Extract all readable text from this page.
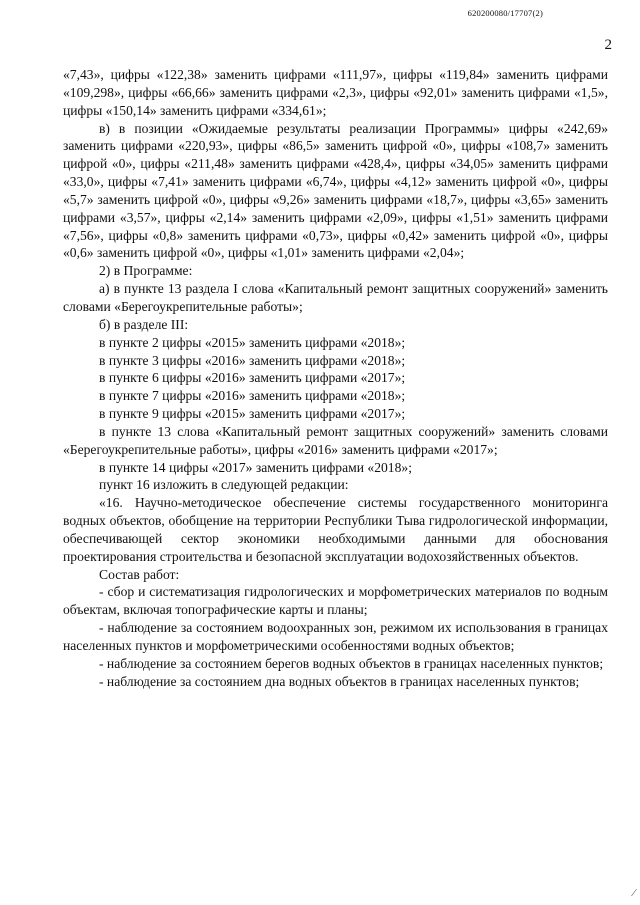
620200080/17707(2)
2

«7,43», цифры «122,38» заменить цифрами «111,97», цифры «119,84» заменить цифрами «109,298», цифры «66,66» заменить цифрами «2,3», цифры «92,01» заменить цифрами «1,5», цифры «150,14» заменить цифрами «334,61»;

в) в позиции «Ожидаемые результаты реализации Программы» цифры «242,69» заменить цифрами «220,93», цифры «86,5» заменить цифрой «0», цифры «108,7» заменить цифрой «0», цифры «211,48» заменить цифрами «428,4», цифры «34,05» заменить цифрами «33,0», цифры «7,41» заменить цифрами «6,74», цифры «4,12» заменить цифрой «0», цифры «5,7» заменить цифрой «0», цифры «9,26» заменить цифрами «18,7», цифры «3,65» заменить цифрами «3,57», цифры «2,14» заменить цифрами «2,09», цифры «1,51» заменить цифрами «7,56», цифры «0,8» заменить цифрами «0,73», цифры «0,42» заменить цифрой «0», цифры «0,6» заменить цифрой «0», цифры «1,01» заменить цифрами «2,04»;

2) в Программе:

а) в пункте 13 раздела I слова «Капитальный ремонт защитных сооружений» заменить словами «Берегоукрепительные работы»;

б) в разделе III:

в пункте 2 цифры «2015» заменить цифрами «2018»;

в пункте 3 цифры «2016» заменить цифрами «2018»;

в пункте 6 цифры «2016» заменить цифрами «2017»;

в пункте 7 цифры «2016» заменить цифрами «2018»;

в пункте 9 цифры «2015» заменить цифрами «2017»;

в пункте 13 слова «Капитальный ремонт защитных сооружений» заменить словами «Берегоукрепительные работы», цифры «2016» заменить цифрами «2017»;

в пункте 14 цифры «2017» заменить цифрами «2018»;

пункт 16 изложить в следующей редакции:

«16. Научно-методическое обеспечение системы государственного мониторинга водных объектов, обобщение на территории Республики Тыва гидрологической информации, обеспечивающей сектор экономики необходимыми данными для обоснования проектирования строительства и безопасной эксплуатации водохозяйственных объектов.

Состав работ:

- сбор и систематизация гидрологических и морфометрических материалов по водным объектам, включая топографические карты и планы;

- наблюдение за состоянием водоохранных зон, режимом их использования в границах населенных пунктов и морфометрическими особенностями водных объектов;

- наблюдение за состоянием берегов водных объектов в границах населенных пунктов;

- наблюдение за состоянием дна водных объектов в границах населенных пунктов;

⁄
